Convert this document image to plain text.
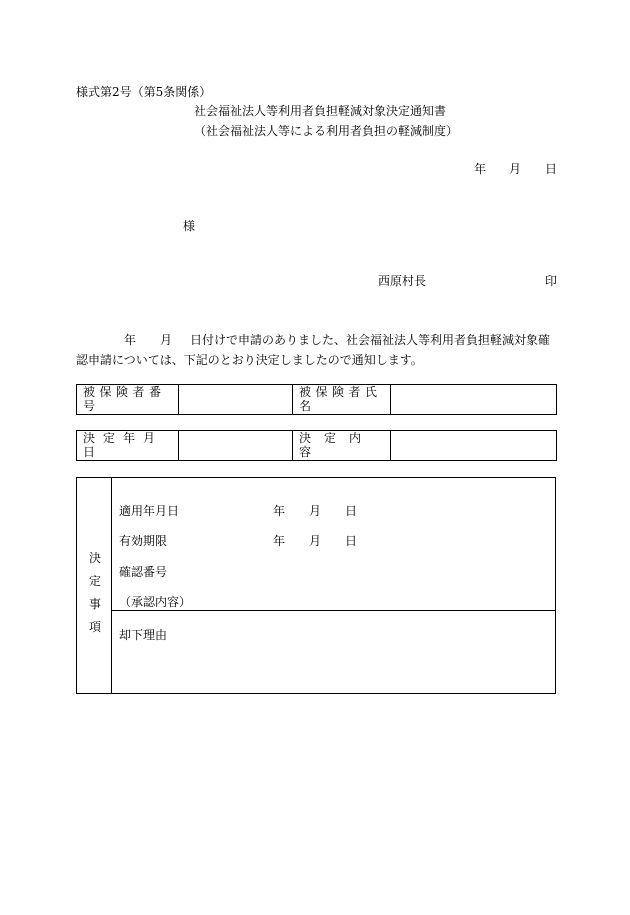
様式第2号（第5条関係）
社会福祉法人等利用者負担軽減対象決定通知書
（社会福祉法人等による利用者負担の軽減制度）
年 月 日
様
西原村長	印
年 月 日付けで申請のありました、社会福祉法人等利用者負担軽減対象確
認申請については、下記のとおり決定しましたので通知します。
被保険者番号		被保険者氏名	
決定年月日		決定内容	
決定事項
適用年月日	年 月 日
有効期限	年 月 日
確認番号
（承認内容）
却下理由
